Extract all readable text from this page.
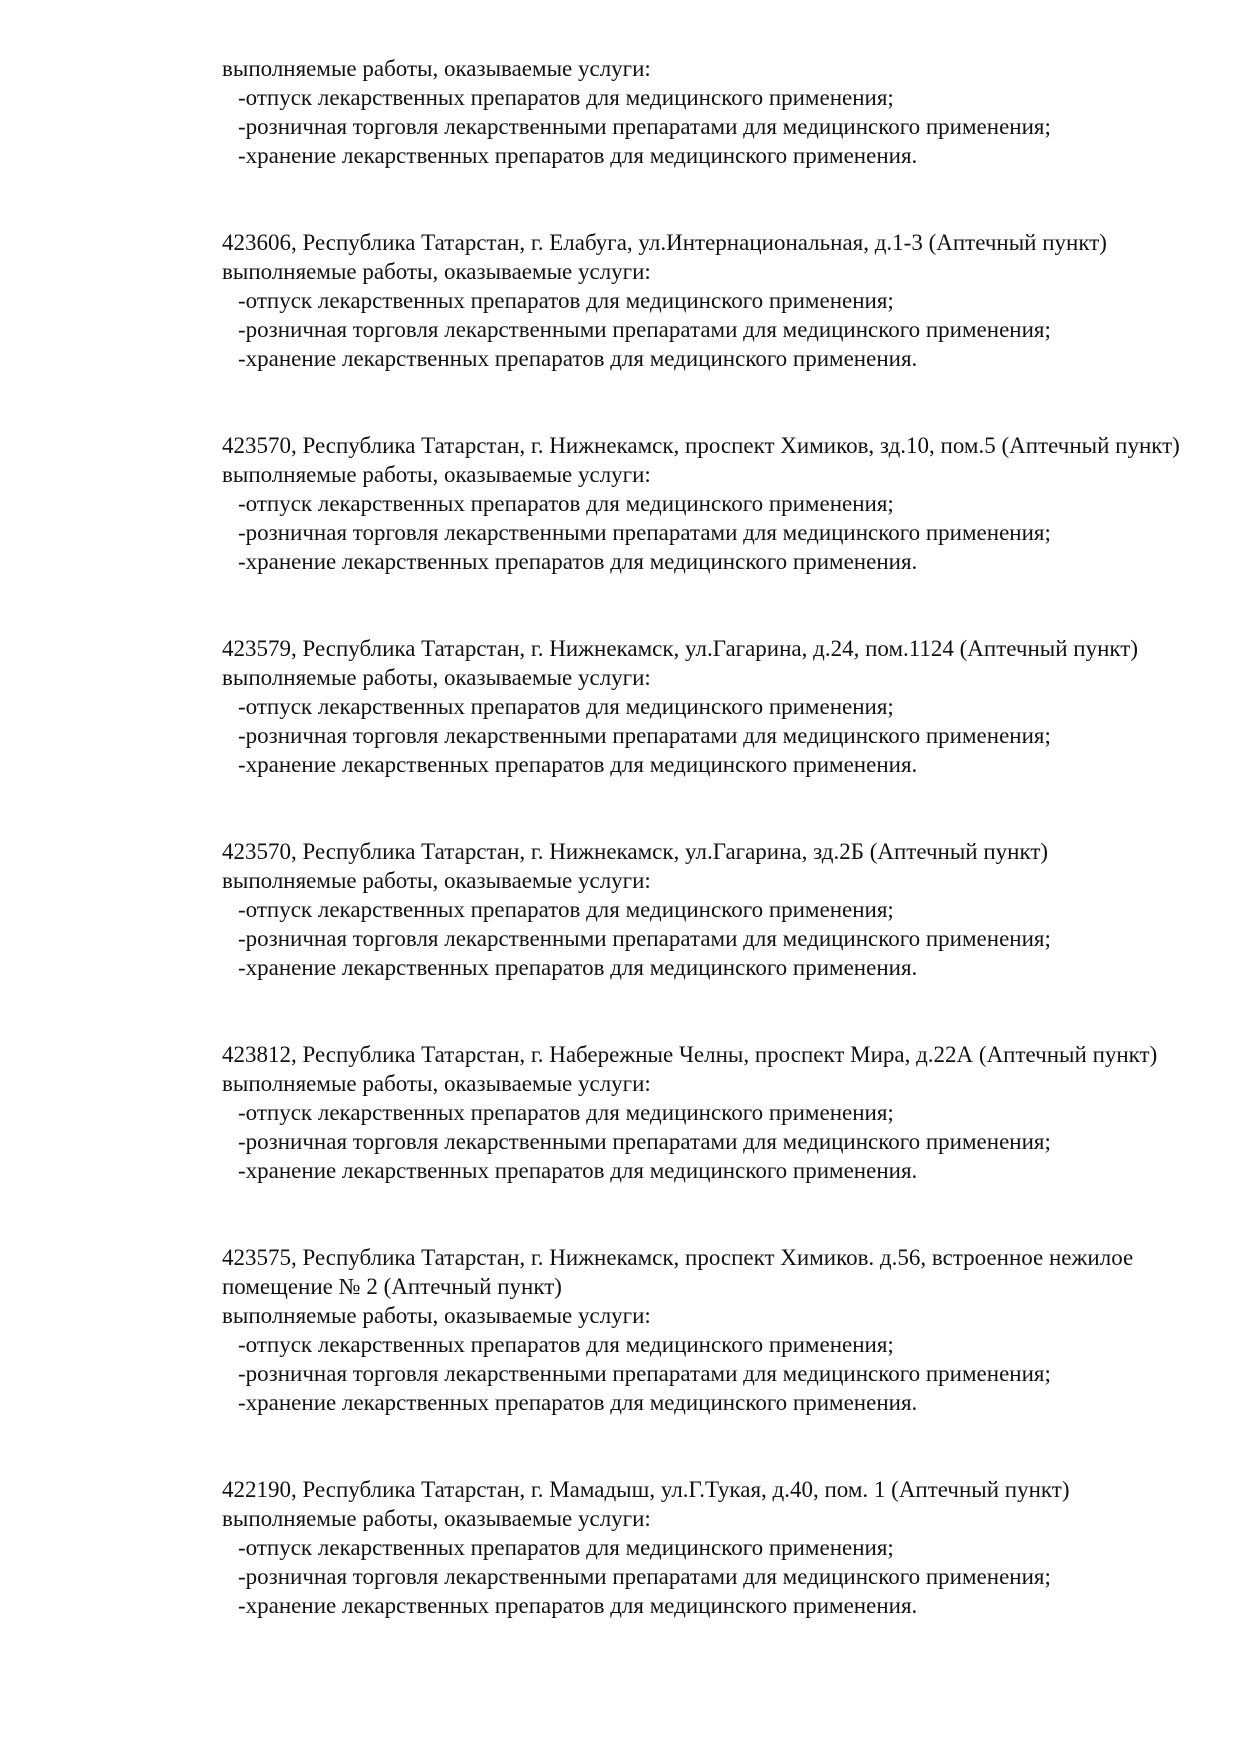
выполняемые работы, оказываемые услуги:
-отпуск лекарственных препаратов для медицинского применения;
-розничная торговля лекарственными препаратами для медицинского применения;
-хранение лекарственных препаратов для медицинского применения.
423606, Республика Татарстан, г. Елабуга, ул.Интернациональная, д.1-3 (Аптечный пункт)
выполняемые работы, оказываемые услуги:
-отпуск лекарственных препаратов для медицинского применения;
-розничная торговля лекарственными препаратами для медицинского применения;
-хранение лекарственных препаратов для медицинского применения.
423570, Республика Татарстан, г. Нижнекамск, проспект Химиков, зд.10, пом.5 (Аптечный пункт)
выполняемые работы, оказываемые услуги:
-отпуск лекарственных препаратов для медицинского применения;
-розничная торговля лекарственными препаратами для медицинского применения;
-хранение лекарственных препаратов для медицинского применения.
423579, Республика Татарстан, г. Нижнекамск, ул.Гагарина, д.24, пом.1124 (Аптечный пункт)
выполняемые работы, оказываемые услуги:
-отпуск лекарственных препаратов для медицинского применения;
-розничная торговля лекарственными препаратами для медицинского применения;
-хранение лекарственных препаратов для медицинского применения.
423570, Республика Татарстан, г. Нижнекамск, ул.Гагарина, зд.2Б (Аптечный пункт)
выполняемые работы, оказываемые услуги:
-отпуск лекарственных препаратов для медицинского применения;
-розничная торговля лекарственными препаратами для медицинского применения;
-хранение лекарственных препаратов для медицинского применения.
423812, Республика Татарстан, г. Набережные Челны, проспект Мира, д.22А (Аптечный пункт)
выполняемые работы, оказываемые услуги:
-отпуск лекарственных препаратов для медицинского применения;
-розничная торговля лекарственными препаратами для медицинского применения;
-хранение лекарственных препаратов для медицинского применения.
423575, Республика Татарстан, г. Нижнекамск, проспект Химиков. д.56, встроенное нежилое помещение № 2 (Аптечный пункт)
выполняемые работы, оказываемые услуги:
-отпуск лекарственных препаратов для медицинского применения;
-розничная торговля лекарственными препаратами для медицинского применения;
-хранение лекарственных препаратов для медицинского применения.
422190, Республика Татарстан, г. Мамадыш, ул.Г.Тукая, д.40, пом. 1 (Аптечный пункт)
выполняемые работы, оказываемые услуги:
-отпуск лекарственных препаратов для медицинского применения;
-розничная торговля лекарственными препаратами для медицинского применения;
-хранение лекарственных препаратов для медицинского применения.
